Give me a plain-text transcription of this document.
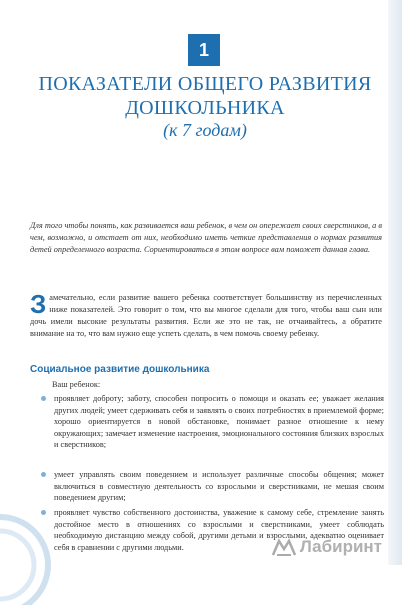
1
ПОКАЗАТЕЛИ ОБЩЕГО РАЗВИТИЯ
ДОШКОЛЬНИКА
(к 7 годам)
Для того чтобы понять, как развивается ваш ребенок, в чем он опережает своих сверстников, а в чем, возможно, и отстает от них, необходимо иметь четкие представления о нормах развития детей определенного возраста. Сориентироваться в этом вопросе вам поможет данная глава.
Замечательно, если развитие вашего ребенка соответствует большинству из перечисленных ниже показателей. Это говорит о том, что вы многое сделали для того, чтобы ваш сын или дочь имели высокие результаты развития. Если же это не так, не отчаивайтесь, а обратите внимание на то, что вам нужно еще успеть сделать, в чем помочь своему ребенку.
Социальное развитие дошкольника
Ваш ребенок:
проявляет доброту; заботу, способен попросить о помощи и оказать ее; уважает желания других людей; умеет сдерживать себя и заявлять о своих потребностях в приемлемой форме; хорошо ориентируется в новой обстановке, понимает разное отношение к нему окружающих; замечает изменение настроения, эмоционального состояния близких взрослых и сверстников;
умеет управлять своим поведением и использует различные способы общения; может включиться в совместную деятельность со взрослыми и сверстниками, не мешая своим поведением другим;
проявляет чувство собственного достоинства, уважение к самому себе, стремление занять достойное место в отношениях со взрослыми и сверстниками, умеет соблюдать необходимую дистанцию между собой, другими детьми и взрослыми, адекватно оценивает себя в сравнении с другими людьми.	Лабиринт
